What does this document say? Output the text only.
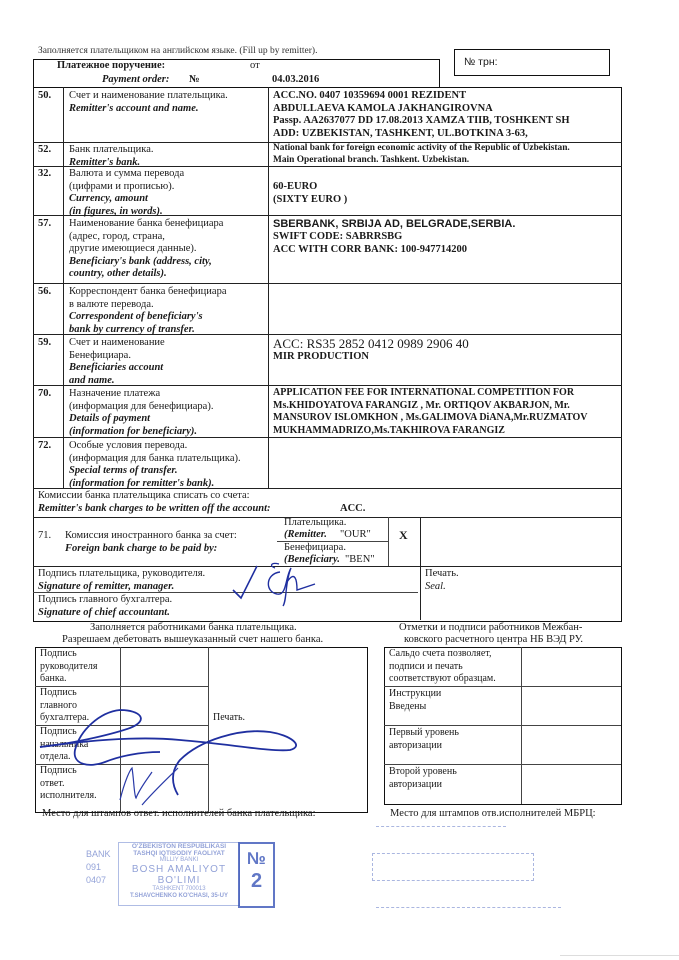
Заполняется плательщиком на английском языке. (Fill up by remitter).
№ трн:
Платежное поручение:
Payment order: №
от
04.03.2016
50. Счет и наименование плательщика.
Remitter's account and name.
ACC.NO. 0407 10359694 0001 REZIDENT
ABDULLAEVA KAMOLA JAKHANGIROVNA
Passp. AA2637077 DD 17.08.2013 XAMZA TIIB, TOSHKENT SH
ADD: UZBEKISTAN, TASHKENT, UL.BOTKINA 3-63,
52. Банк плательщика.
Remitter's bank.
National bank for foreign economic activity of the Republic of Uzbekistan.
Main Operational branch. Tashkent. Uzbekistan.
32. Валюта и сумма перевода
(цифрами и прописью).
Currency, amount
(in figures, in words).
60-EURO
(SIXTY EURO )
57. Наименование банка бенефициара
(адрес, город, страна,
другие имеющиеся данные).
Beneficiary's bank (address, city,
country, other details).
SBERBANK, SRBIJA AD, BELGRADE,SERBIA.
SWIFT CODE: SABRRSBG
ACC WITH CORR BANK: 100-947714200
56. Корреспондент банка бенефициара
в валюте перевода.
Correspondent of beneficiary's
bank by currency of transfer.
59. Счет и наименование
Бенефициара.
Beneficiaries account
and name.
ACC: RS35 2852 0412 0989 2906 40
MIR PRODUCTION
70. Назначение платежа
(информация для бенефициара).
Details of payment
(information for beneficiary).
APPLICATION FEE FOR INTERNATIONAL COMPETITION FOR
Ms.KHIDOYATOVA FARANGIZ , Mr. ORTIQOV AKBARJON, Mr.
MANSUROV ISLOMKHON , Ms.GALIMOVA DiANA,Mr.RUZMATOV
MUKHAMMADRIZO,Ms.TAKHIROVA FARANGIZ
72. Особые условия перевода.
(информация для банка плательщика).
Special terms of transfer.
(information for remitter's bank).
Комиссии банка плательщика списать со счета:
Remitter's bank charges to be written off the account:	ACC.
71. Комиссия иностранного банка за счет:
Foreign bank charge to be paid by:
Плательщика.
(Remitter. "OUR" X
Бенефициара.
(Beneficiary. "BEN"
Подпись плательщика, руководителя.
Signature of remitter, manager.
Подпись главного бухгалтера.
Signature of chief accountant.
Печать.
Seal.
Заполняется работниками банка плательщика.
Разрешаем дебетовать вышеуказанный счет нашего банка.
Подпись
руководителя
банка.
Подпись
главного
бухгалтера.
Подпись
начальника
отдела.
Подпись
ответ.
исполнителя.
Печать.
Место для штампов ответ. исполнителей банка плательщика:
Отметки и подписи работников Межбан-
ковского расчетного центра НБ ВЭД РУ.
Сальдо счета позволяет,
подписи и печать
соответствуют образцам.
Инструкции
Введены
Первый уровень
авторизации
Второй уровень
авторизации
Место для штампов отв.исполнителей МБРЦ:
BANK
091
0407
O'ZBEKISTON RESPUBLIKASI
TASHQI IQTISODIY FAOLIYAT
MILLIY BANKI
BOSH AMALIYOT
BO'LIMI
TASHKENT 700013
T.SHAVCHENKO KO'CHASI, 35-UY
№
2
